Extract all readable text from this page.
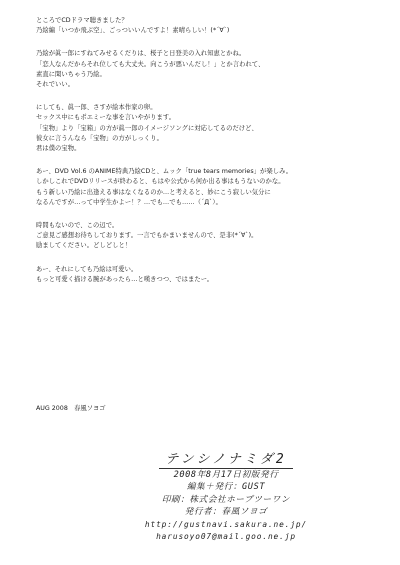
ところでCDドラマ聴きました？
乃絵編「いつか飛ぶ空」、ごっついいんですよ！素晴らしい！(*´∀`)

乃絵が眞一郎にすねてみせるくだりは、桜子と日登美の入れ知恵とかね。
「恋人なんだからそれ位しても大丈夫。向こうが悪いんだし！」とか言われて、
素直に聞いちゃう乃絵。
それでいい。

にしても、眞一郎、さすが絵本作家の卵。
セックス中にもポエミーな事を言いやがります。
「宝物」より「宝箱」の方が眞一郎のイメージソングに対応してるのだけど、
彼女に言うんなら「宝物」の方がしっくり。
君は僕の宝物。

あー、DVD Vol.6 のANIME特典乃絵CDと、ムック「true tears memories」が楽しみ。
しかしこれでDVDリリースが終わると、もはや公式から何か出る事はもうないのかな。
もう新しい乃絵に出逢える事はなくなるのか…と考えると、妙にこう寂しい気分に
なるんですが…って中学生かよー！？…でも…でも……（´Д`）。

時間もないので、この辺で。
ご意見ご感想お待ちしております。一言でもかまいませんので、是非(*´∀`)。
励ましてください。どしどしと！

あー、それにしても乃絵は可愛い。
もっと可愛く描ける腕があったら…と嘆きつつ、ではまたー。

AUG 2008　春風ソヨゴ
テンシノナミダ2
2008年8月17日初版発行
編集＋発行：GUST
印刷：株式会社ホープツーワン
発行者：春風ソヨゴ
http://gustnavi.sakura.ne.jp/
harusoyo07@mail.goo.ne.jp
